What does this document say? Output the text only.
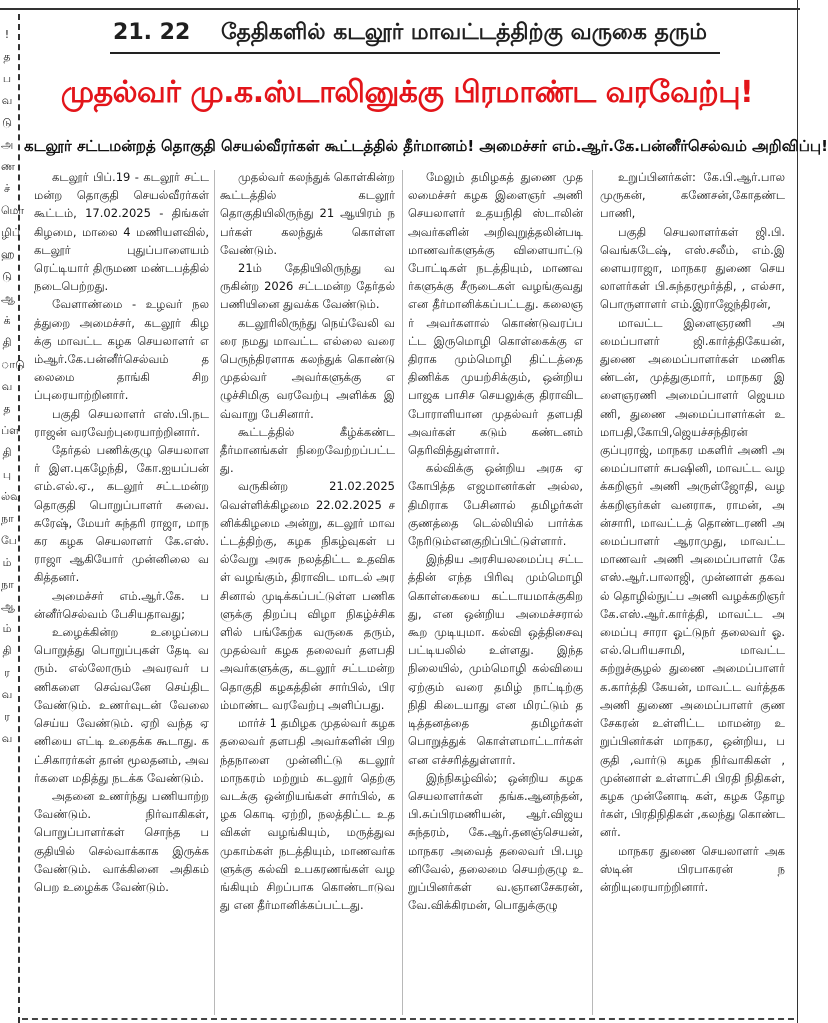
! தபவ டு அண ச் மொழிப் ஹ டு ஆக் தி ாடு வ த ப்ள தி பு ல்வ நா பே ம் நா ஆ ம் தி ர வ ர வ
21. 22 தேதிகளில் கடலூர் மாவட்டத்திற்கு வருகை தரும்
முதல்வர் மு.க.ஸ்டாலினுக்கு பிரமாண்ட வரவேற்பு!
கடலூர் சட்டமன்றத் தொகுதி செயல்வீரர்கள் கூட்டத்தில் தீர்மானம்! அமைச்சர் எம்.ஆர்.கே.பன்னீர்செல்வம் அறிவிப்பு!

கடலூர் பிப்.19 - கடலூர் சட்டமன்ற தொகுதி செயல்வீரர்கள் கூட்டம், 17.02.2025 - திங்கள் கிழமை, மாலை 4 மணியளவில், கடலூர் புதுப்பாளையம் ரெட்டியார் திருமண மண்டபத்தில் நடைபெற்றது.

வேளாண்மை - உழவர் நலத்துறை அமைச்சர், கடலூர் கிழக்கு மாவட்ட கழக செயலாளர் எம்ஆர்.கே.பன்னீர்செல்வம் தலைமை தாங்கி சிறப்புரையாற்றினார்.

பகுதி செயலாளர் எஸ்.பி.நடராஜன் வரவேற்புரையாற்றினார்.

தேர்தல் பணிக்குழு செயலாளர் இள.புகழேந்தி, கோ.ஐயப்பன் எம்.எல்.ஏ., கடலூர் சட்டமன்ற தொகுதி பொறுப்பாளர் சுவை.சுரேஷ், மேயர் சுந்தரி ராஜா, மாநகர கழக செயலாளர் கே.எஸ்.ராஜா ஆகியோர் முன்னிலை வகித்தனர்.

அமைச்சர் எம்.ஆர்.கே. பன்னீர்செல்வம் பேசியதாவது;

உழைக்கின்ற உழைப்பை பொறுத்து பொறுப்புகள் தேடி வரும். எல்லோரும் அவரவர் பணிகளை செவ்வனே செய்திட வேண்டும். உணர்வுடன் வேலை செய்ய வேண்டும். ஏறி வந்த ஏணியை எட்டி உதைக்க கூடாது. கட்சிகாரர்கள் தான் மூலதனம், அவர்களை மதித்து நடக்க வேண்டும்.

அதனை உணர்ந்து பணியாற்ற வேண்டும். நிர்வாகிகள், பொறுப்பாளர்கள் சொந்த பகுதியில் செல்வாக்காக இருக்க வேண்டும். வாக்கினை அதிகம் பெற உழைக்க வேண்டும்.

முதல்வர் கலந்துக் கொள்கின்ற கூட்டத்தில் கடலூர் தொகுதியிலிருந்து 21 ஆயிரம் நபர்கள் கலந்துக் கொள்ள வேண்டும்.

21ம் தேதியிலிருந்து வருகின்ற 2026 சட்டமன்ற தேர்தல் பணியினை துவக்க வேண்டும்.

கடலூரிலிருந்து நெய்வேலி வரை நமது மாவட்ட எல்லை வரை பெருந்திரளாக கலந்துக் கொண்டு முதல்வர் அவர்களுக்கு எழுச்சிமிகு வரவேற்பு அளிக்க இவ்வாறு பேசினார்.

கூட்டத்தில் கீழ்க்கண்ட தீர்மானங்கள் நிறைவேற்றப்பட்டது.

வருகின்ற 21.02.2025 வெள்ளிக்கிழமை 22.02.2025 சனிக்கிழமை அன்று, கடலூர் மாவட்டத்திற்கு, கழக நிகழ்வுகள் பல்வேறு அரசு நலத்திட்ட உதவிகள் வழங்கும், திராவிட மாடல் அரசினால் முடிக்கப்பட்டுள்ள பணிகளுக்கு திறப்பு விழா நிகழ்ச்சிகளில் பங்கேற்க வருகை தரும், முதல்வர் கழக தலைவர் தளபதி அவர்களுக்கு, கடலூர் சட்டமன்ற தொகுதி கழகத்தின் சார்பில், பிரம்மாண்ட வரவேற்பு அளிப்பது.

மார்ச் 1 தமிழக முதல்வர் கழக தலைவர் தளபதி அவர்களின் பிறந்தநாளை முன்னிட்டு கடலூர் மாநகரம் மற்றும் கடலூர் தெற்கு வடக்கு ஒன்றியங்கள் சார்பில், கழக கொடி ஏற்றி, நலத்திட்ட உதவிகள் வழங்கியும், மருத்துவ முகாம்கள் நடத்தியும், மாணவர்களுக்கு கல்வி உபகரணங்கள் வழங்கியும் சிறப்பாக கொண்டாடுவது என தீர்மானிக்கப்பட்டது.

மேலும் தமிழகத் துணை முதலமைச்சர் கழக இளைஞர் அணி செயலாளர் உதயநிதி ஸ்டாலின் அவர்களின் அறிவுறுத்தலின்படி மாணவர்களுக்கு விளையாட்டு போட்டிகள் நடத்தியும், மாணவர்களுக்கு சீருடைகள் வழங்குவது என தீர்மானிக்கப்பட்டது. கலைஞர் அவர்களால் கொண்டுவரப்பட்ட இருமொழி கொள்கைக்கு எதிராக மும்மொழி திட்டத்தை திணிக்க முயற்சிக்கும், ஒன்றிய பாஜக பாசிச செயலுக்கு திராவிட போராளியான முதல்வர் தளபதி அவர்கள் கடும் கண்டனம் தெரிவித்துள்ளார்.

கல்விக்கு ஒன்றிய அரசு ஏகோபித்த எஜமானர்கள் அல்ல, திமிராக பேசினால் தமிழர்கள் குணத்தை டெல்லியில் பார்க்க நேரிடும்எனகுறிப்பிட்டுள்ளார்.

இந்திய அரசியலமைப்பு சட்டத்தின் எந்த பிரிவு மும்மொழி கொள்கையை கட்டாயமாக்குகிறது, என ஒன்றிய அமைச்சரால் கூற முடியுமா. கல்வி ஒத்திசைவு பட்டியலில் உள்ளது. இந்த நிலையில், மும்மொழி கல்வியை ஏற்கும் வரை தமிழ் நாட்டிற்கு நிதி கிடையாது என மிரட்டும் தடித்தனத்தை தமிழர்கள் பொறுத்துக் கொள்ளமாட்டார்கள் என எச்சரித்துள்ளார்.

இந்நிகழ்வில்; ஒன்றிய கழக செயலாளர்கள் தங்க.ஆனந்தன், பி.சுப்பிரமணியன், ஆர்.விஜயசுந்தரம், கே.ஆர்.தனஞ்செயன், மாநகர அவைத் தலைவர் பி.பழனிவேல், தலைமை செயற்குழு உறுப்பினர்கள் வ.ஞானசேகரன், வே.விக்கிரமன், பொதுக்குழு

உறுப்பினர்கள்: கே.பி.ஆர்.பாலமுருகன், கணேசன்,கோதண்டபாணி,

பகுதி செயலாளர்கள் ஜி.பி.வெங்கடேஷ், எஸ்.சலீம், எம்.இளையராஜா, மாநகர துணை செயலாளர்கள் பி.சுந்தரமூர்த்தி, , எல்சா, பொருளாளர் எம்.இராஜேந்திரன்,

மாவட்ட இளைஞரணி அமைப்பாளர் ஜி.கார்த்திகேயன், துணை அமைப்பாளர்கள் மணிகண்டன், முத்துகுமார், மாநகர இளைஞரணி அமைப்பாளர் ஜெயமணி, துணை அமைப்பாளர்கள் உமாபதி,கோபி,ஜெயச்சந்திரன் குப்புராஜ், மாநகர மகளிர் அணி அமைப்பாளர் சுபஷினி, மாவட்ட வழக்கறிஞர் அணி அருள்ஜோதி, வழக்கறிஞர்கள் வனராசு, ராமன், அன்சாரி, மாவட்டத் தொண்டரணி அமைப்பாளர் ஆராமுது, மாவட்ட மாணவர் அணி அமைப்பாளர் கே எஸ்.ஆர்.பாலாஜி, முன்னாள் தகவல் தொழில்நுட்ப அணி வழக்கறிஞர் கே.எஸ்.ஆர்.கார்த்தி, மாவட்ட அமைப்பு சாரா ஓட்டுநர் தலைவர் ஓ.எல்.பெரியசாமி, மாவட்ட சுற்றுச்சூழல் துணை அமைப்பாளர் க.கார்த்தி கேயன், மாவட்ட வர்த்தக அணி துணை அமைப்பாளர் குணசேகரன் உள்ளிட்ட மாமன்ற உறுப்பினர்கள் மாநகர, ஒன்றிய, பகுதி ,வார்டு கழக நிர்வாகிகள் ,முன்னாள் உள்ளாட்சி பிரதி நிதிகள், கழக முன்னோடி கள், கழக தோழர்கள், பிரதிநிதிகள் ,கலந்து கொண்டனர்.

மாநகர துணை செயலாளர் அகஸ்டின் பிரபாகரன் நன்றியுரையாற்றினார்.
